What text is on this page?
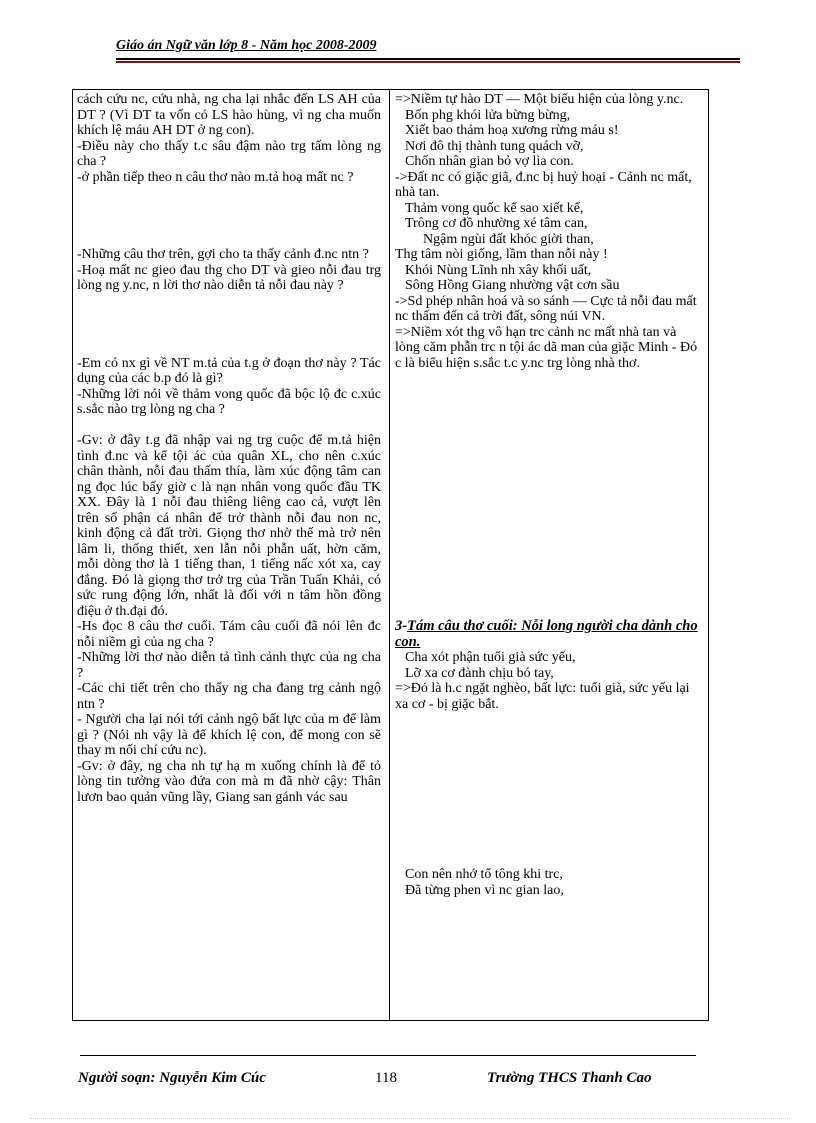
Giáo án Ngữ văn lớp 8 - Năm học 2008-2009

cách cứu nc, cứu nhà, ng cha lại nhắc đến LS AH của DT ? (Vì DT ta vốn có LS hào hùng, vì ng cha muốn khích lệ máu AH DT ở ng con).

-Điều này cho thấy t.c sâu đậm nào trg tấm lòng ng cha ?

-ở phần tiếp theo n câu thơ nào m.tả hoạ mất nc ?

-Những câu thơ trên, gợi cho ta thấy cảnh đ.nc ntn ?

-Hoạ mất nc gieo đau thg cho DT và gieo nỗi đau trg lòng ng y.nc, n lời thơ nào diễn tả nỗi đau này ?

-Em có nx gì về NT m.tả của t.g ở đoạn thơ này ? Tác dụng của các b.p đó là gì?

-Những lời nói về thảm vong quốc đã bộc lộ đc c.xúc s.sắc nào trg lòng ng cha ?

-Gv: ở đây t.g đã nhập vai ng trg cuộc để m.tả hiện tình đ.nc và kể tội ác của quân XL, cho nên c.xúc chân thành, nỗi đau thấm thía, làm xúc động tâm can ng đọc lúc bấy giờ c là nạn nhân vong quốc đầu TK XX. Đây là 1 nỗi đau thiêng liêng cao cả, vượt lên trên số phận cá nhân để trở thành nỗi đau non nc, kinh động cả đất trời. Giọng thơ nhờ thế mà trở nên lâm li, thống thiết, xen lẫn nỗi phẫn uất, hờn căm, mỗi dòng thơ là 1 tiếng than, 1 tiếng nấc xót xa, cay đắng. Đó là giọng thơ trở trg của Trần Tuấn Khải, có sức rung động lớn, nhất là đối với n tâm hồn đồng điệu ở th.đại đó.

-Hs đọc 8 câu thơ cuối. Tám câu cuối đã nói lên đc nỗi niềm gì của ng cha ?

-Những lời thơ nào diễn tả tình cảnh thực của ng cha ?

-Các chi tiết trên cho thấy ng cha đang trg cảnh ngộ ntn ?

- Người cha lại nói tới cảnh ngộ bất lực của m để làm gì ? (Nói nh vậy là để khích lệ con, để mong con sẽ thay m nối chí cứu nc).

-Gv: ở đây, ng cha nh tự hạ m xuống chính là để tỏ lòng tin tưởng vào đứa con mà m đã nhờ cậy: Thân lươn bao quản vũng lầy, Giang san gánh vác sau

=>Niềm tự hào DT — Một biểu hiện của lòng y.nc.

Bốn phg khói lửa bừng bừng,
Xiết bao thảm hoạ xương rừng máu s!
Nơi đô thị thành tung quách vỡ,
Chốn nhân gian bỏ vợ lìa con.

->Đất nc có giặc giã, đ.nc bị huỷ hoại - Cảnh nc mất, nhà tan.

Thảm vong quốc kể sao xiết kể,
Trông cơ đồ nhường xé tâm can,
Ngậm ngùi đất khóc giời than,
Thg tâm nòi giống, lầm than nỗi này !
Khói Nùng Lĩnh nh xây khối uất,
Sông Hồng Giang nhường vật cơn sầu

->Sd phép nhân hoá và so sánh — Cực tả nỗi đau mất nc thấm đến cả trời đất, sông núi VN.

=>Niềm xót thg vô hạn trc cảnh nc mất nhà tan và lòng căm phẫn trc n tội ác dã man của giặc Minh - Đó c là biểu hiện s.sắc t.c y.nc trg lòng nhà thơ.

3-Tám câu thơ cuối: Nỗi long người cha dành cho con.
Cha xót phận tuổi già sức yếu,
Lỡ xa cơ đành chịu bó tay,

=>Đó là h.c ngặt nghèo, bất lực: tuổi già, sức yếu lại xa cơ - bị giặc bắt.

Con nên nhớ tổ tông khi trc,
Đã từng phen vì nc gian lao,
Người soạn: Nguyễn Kim Cúc	118	Trường THCS Thanh Cao
